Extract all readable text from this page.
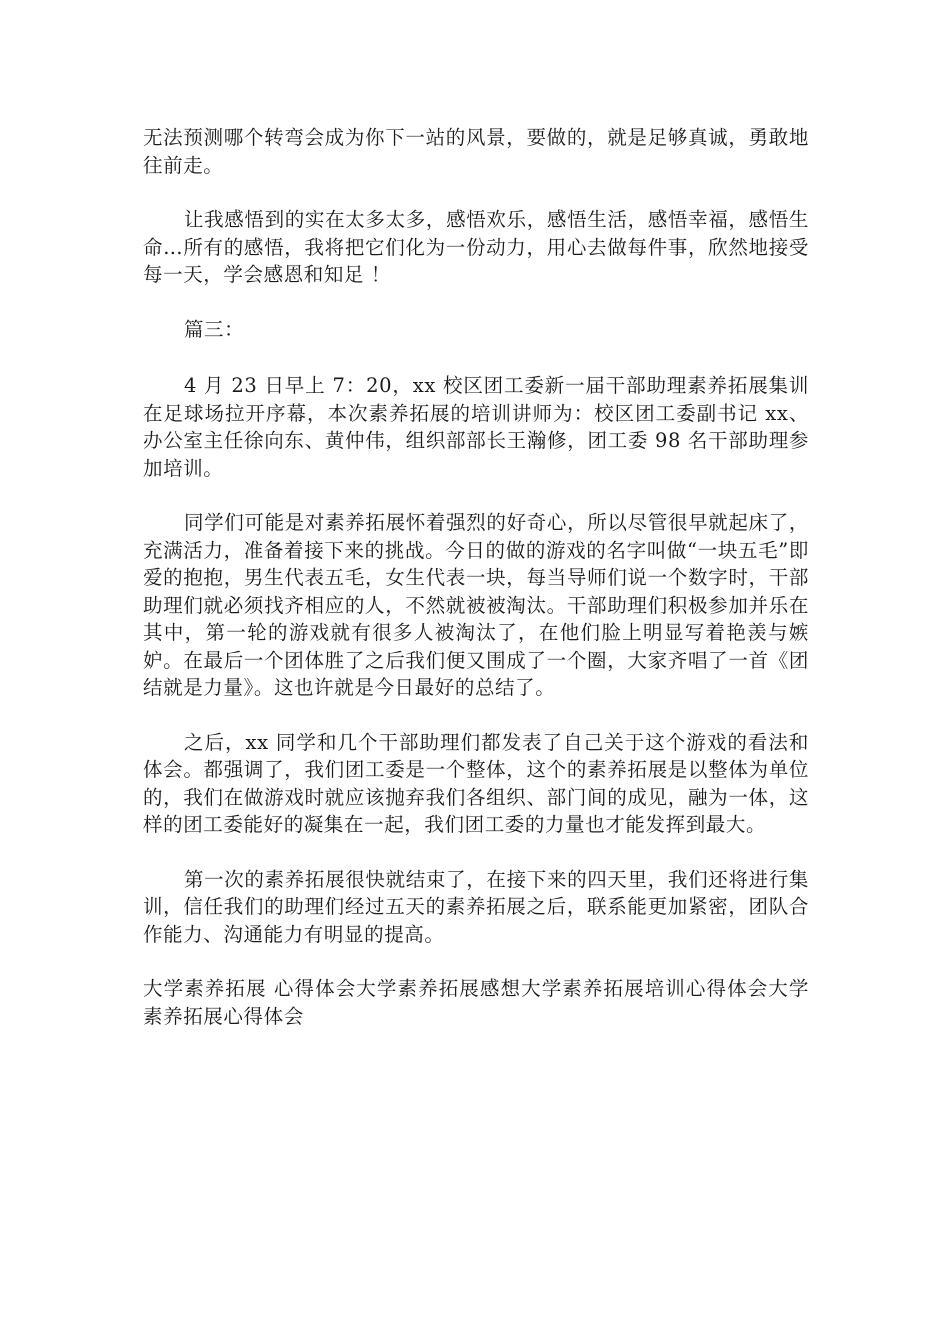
无法预测哪个转弯会成为你下一站的风景，要做的，就是足够真诚，勇敢地往前走。

让我感悟到的实在太多太多，感悟欢乐，感悟生活，感悟幸福，感悟生命…所有的感悟，我将把它们化为一份动力，用心去做每件事，欣然地接受每一天，学会感恩和知足 ！

篇三：

4 月 23 日早上 7：20，xx 校区团工委新一届干部助理素养拓展集训在足球场拉开序幕，本次素养拓展的培训讲师为：校区团工委副书记 xx、办公室主任徐向东、黄仲伟，组织部部长王瀚修，团工委 98 名干部助理参加培训。

同学们可能是对素养拓展怀着强烈的好奇心，所以尽管很早就起床了，充满活力，准备着接下来的挑战。今日的做的游戏的名字叫做“一块五毛”即爱的抱抱，男生代表五毛，女生代表一块，每当导师们说一个数字时，干部助理们就必须找齐相应的人，不然就被被淘汰。干部助理们积极参加并乐在其中，第一轮的游戏就有很多人被淘汰了，在他们脸上明显写着艳羡与嫉妒。在最后一个团体胜了之后我们便又围成了一个圈，大家齐唱了一首《团结就是力量》。这也许就是今日最好的总结了。

之后，xx 同学和几个干部助理们都发表了自己关于这个游戏的看法和体会。都强调了，我们团工委是一个整体，这个的素养拓展是以整体为单位的，我们在做游戏时就应该抛弃我们各组织、部门间的成见，融为一体，这样的团工委能好的凝集在一起，我们团工委的力量也才能发挥到最大。

第一次的素养拓展很快就结束了，在接下来的四天里，我们还将进行集训，信任我们的助理们经过五天的素养拓展之后，联系能更加紧密，团队合作能力、沟通能力有明显的提高。

大学素养拓展 心得体会大学素养拓展感想大学素养拓展培训心得体会大学素养拓展心得体会
